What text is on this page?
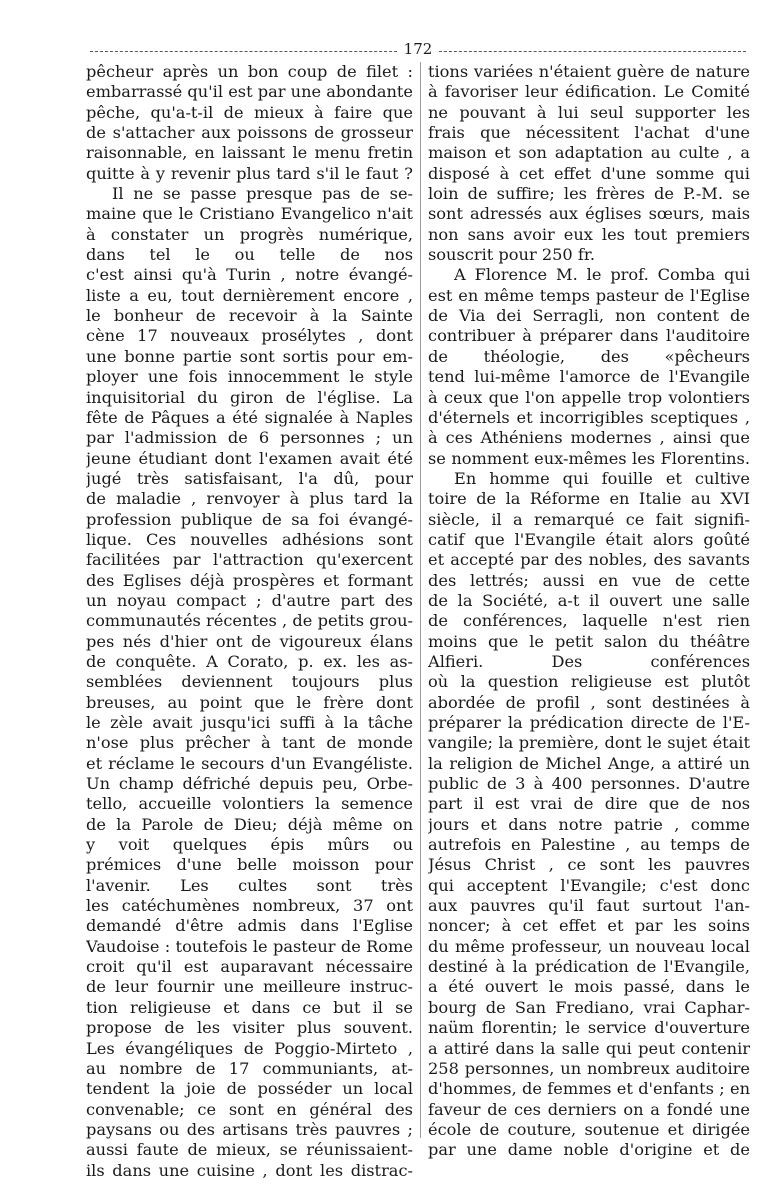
172
pêcheur après un bon coup de filet :
embarrassé qu'il est par une abondante
pêche, qu'a-t-il de mieux à faire que
de s'attacher aux poissons de grosseur
raisonnable, en laissant le menu fretin
quitte à y revenir plus tard s'il le faut ?
Il ne se passe presque pas de se-
maine que le Cristiano Evangelico n'ait
à constater un progrès numérique,
dans tel le ou telle de nos
c'est ainsi qu'à Turin , notre évangé-
liste a eu, tout dernièrement encore ,
le bonheur de recevoir à la Sainte
cène 17 nouveaux prosélytes , dont
une bonne partie sont sortis pour em-
ployer une fois innocemment le style
inquisitorial du giron de l'église. La
fête de Pâques a été signalée à Naples
par l'admission de 6 personnes ; un
jeune étudiant dont l'examen avait été
jugé très satisfaisant, l'a dû, pour
de maladie , renvoyer à plus tard la
profession publique de sa foi évangé-
lique. Ces nouvelles adhésions sont
facilitées par l'attraction qu'exercent
des Eglises déjà prospères et formant
un noyau compact ; d'autre part des
communautés récentes , de petits grou-
pes nés d'hier ont de vigoureux élans
de conquête. A Corato, p. ex. les as-
semblées deviennent toujours plus
breuses, au point que le frère dont
le zèle avait jusqu'ici suffi à la tâche
n'ose plus prêcher à tant de monde
et réclame le secours d'un Evangéliste.
Un champ défriché depuis peu, Orbe-
tello, accueille volontiers la semence
de la Parole de Dieu; déjà même on
y voit quelques épis mûrs ou
prémices d'une belle moisson pour
l'avenir. Les cultes sont très
les catéchumènes nombreux, 37 ont
demandé d'être admis dans l'Eglise
Vaudoise : toutefois le pasteur de Rome
croit qu'il est auparavant nécessaire
de leur fournir une meilleure instruc-
tion religieuse et dans ce but il se
propose de les visiter plus souvent.
Les évangéliques de Poggio-Mirteto ,
au nombre de 17 communiants, at-
tendent la joie de posséder un local
convenable; ce sont en général des
paysans ou des artisans très pauvres ;
aussi faute de mieux, se réunissaient-
ils dans une cuisine , dont les distrac-
tions variées n'étaient guère de nature
à favoriser leur édification. Le Comité
ne pouvant à lui seul supporter les
frais que nécessitent l'achat d'une
maison et son adaptation au culte , a
disposé à cet effet d'une somme qui
loin de suffire; les frères de P.-M. se
sont adressés aux églises sœurs, mais
non sans avoir eux les tout premiers
souscrit pour 250 fr.
A Florence M. le prof. Comba qui
est en même temps pasteur de l'Eglise
de Via dei Serragli, non content de
contribuer à préparer dans l'auditoire
de théologie, des «pêcheurs
tend lui-même l'amorce de l'Evangile
à ceux que l'on appelle trop volontiers
d'éternels et incorrigibles sceptiques ,
à ces Athéniens modernes , ainsi que
se nomment eux-mêmes les Florentins.
En homme qui fouille et cultive
toire de la Réforme en Italie au XVI
siècle, il a remarqué ce fait signifi-
catif que l'Evangile était alors goûté
et accepté par des nobles, des savants
des lettrés; aussi en vue de cette
de la Société, a-t il ouvert une salle
de conférences, laquelle n'est rien
moins que le petit salon du théâtre
Alfieri. Des conférences
où la question religieuse est plutôt
abordée de profil , sont destinées à
préparer la prédication directe de l'E-
vangile; la première, dont le sujet était
la religion de Michel Ange, a attiré un
public de 3 à 400 personnes. D'autre
part il est vrai de dire que de nos
jours et dans notre patrie , comme
autrefois en Palestine , au temps de
Jésus Christ , ce sont les pauvres
qui acceptent l'Evangile; c'est donc
aux pauvres qu'il faut surtout l'an-
noncer; à cet effet et par les soins
du même professeur, un nouveau local
destiné à la prédication de l'Evangile,
a été ouvert le mois passé, dans le
bourg de San Frediano, vrai Caphar-
naüm florentin; le service d'ouverture
a attiré dans la salle qui peut contenir
258 personnes, un nombreux auditoire
d'hommes, de femmes et d'enfants ; en
faveur de ces derniers on a fondé une
école de couture, soutenue et dirigée
par une dame noble d'origine et de
